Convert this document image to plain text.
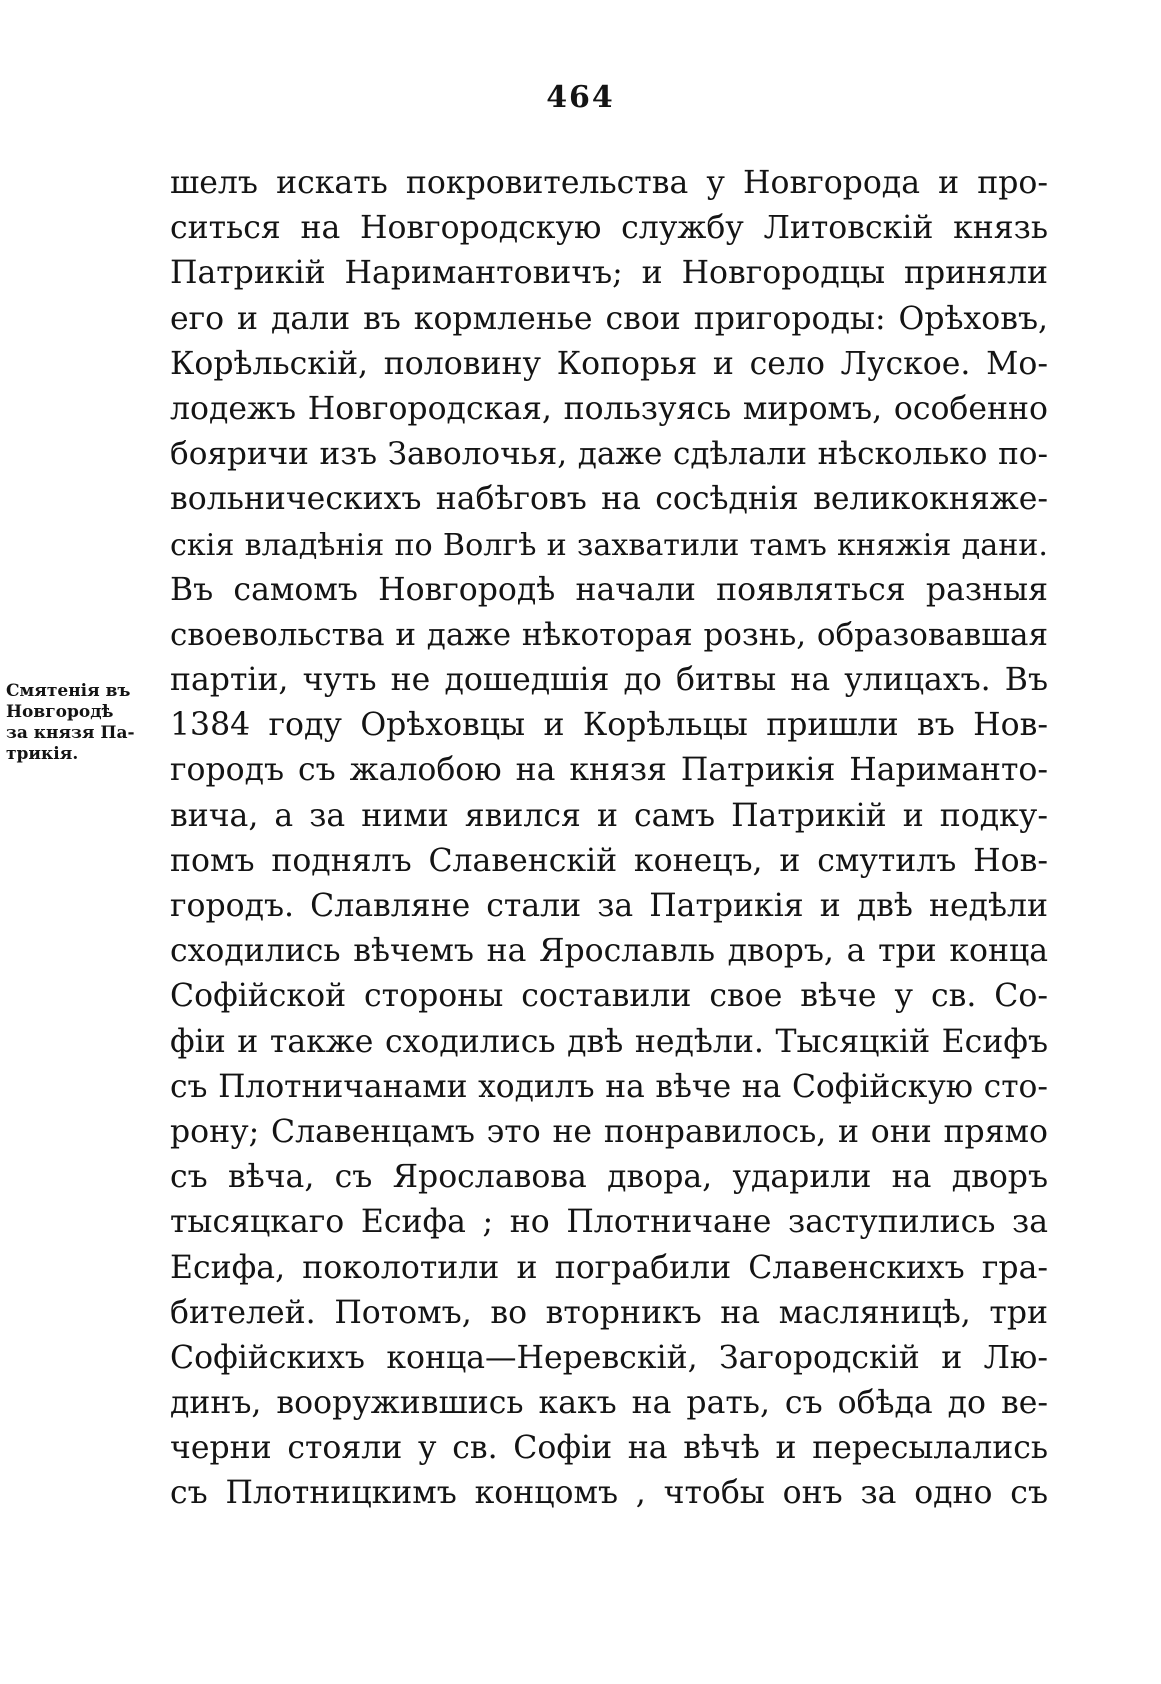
464
Смятенія въ
Новгородѣ
за князя Па-
трикія.
шелъ искать покровительства у Новгорода и про-
ситься на Новгородскую службу Литовскій князь
Патрикій Наримантовичъ; и Новгородцы приняли
его и дали въ кормленье свои пригороды: Орѣховъ,
Корѣльскій, половину Копорья и село Лускoе. Мо-
лодежъ Новгородская, пользуясь миромъ, особенно
бояричи изъ Заволочья, даже сдѣлали нѣсколько по-
вольническихъ набѣговъ на сосѣднія великокняже-
скія владѣнія по Волгѣ и захватили тамъ княжія дани.
Въ самомъ Новгородѣ начали появляться разныя
своевольства и даже нѣкоторая рознь, образовавшая
партіи, чуть не дошедшія до битвы на улицахъ. Въ
1384 году Орѣховцы и Корѣльцы пришли въ Нов-
городъ съ жалобою на князя Патрикія Нариманто-
вича, а за ними явился и самъ Патрикій и подку-
помъ поднялъ Славенскій конецъ, и смутилъ Нов-
городъ. Славляне стали за Патрикія и двѣ недѣли
сходились вѣчемъ на Ярославль дворъ, а три конца
Софійской стороны составили свое вѣче у св. Со-
фіи и также сходились двѣ недѣли. Тысяцкій Есифъ
съ Плотничанами ходилъ на вѣче на Софійскую сто-
рону; Славенцамъ это не понравилось, и они прямо
съ вѣча, съ Ярославова двора, ударили на дворъ
тысяцкаго Есифа ; но Плотничане заступились за
Есифа, поколотили и пограбили Славенскихъ гра-
бителей. Потомъ, во вторникъ на масляницѣ, три
Софійскихъ конца—Неревскій, Загородскій и Лю-
динъ, вооружившись какъ на рать, съ обѣда до ве-
черни стояли у св. Софіи на вѣчѣ и пересылались
съ Плотницкимъ концомъ , чтобы онъ за одно съ
